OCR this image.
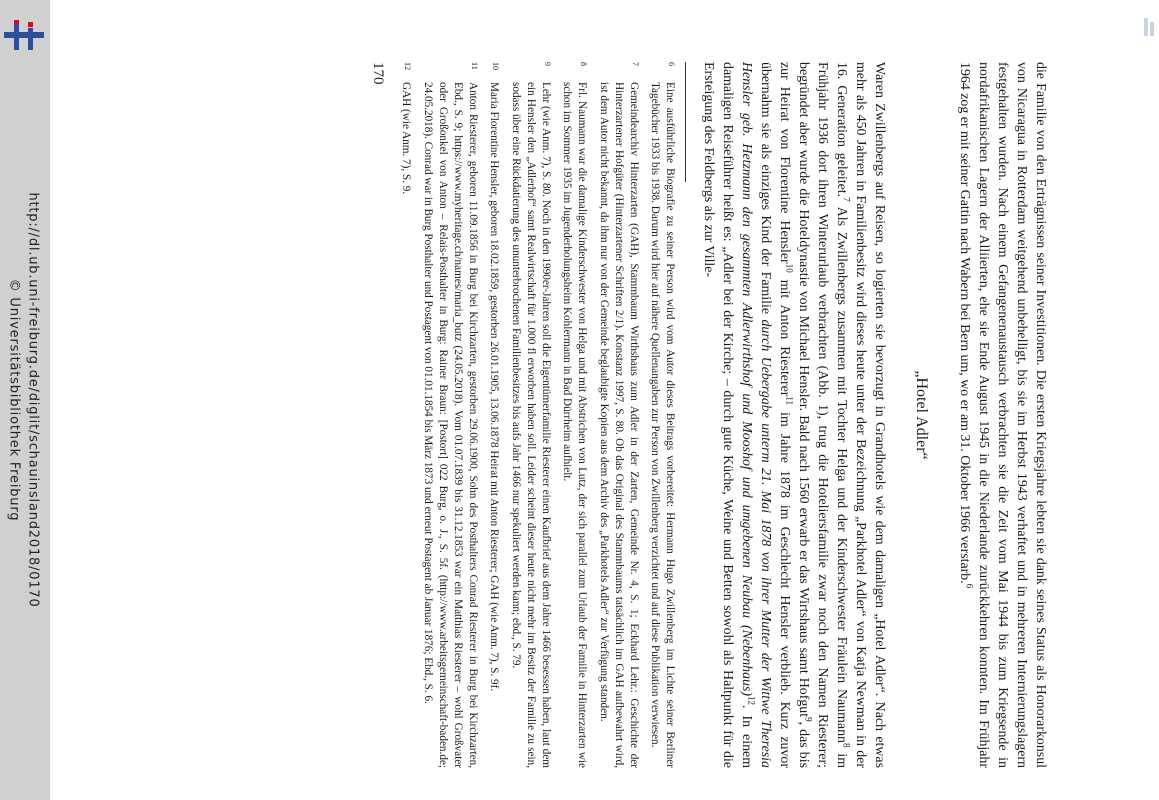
http://dl.ub.uni-freiburg.de/diglit/schauinsland2018/0170
© Universitätsbibliothek Freiburg	die Familie von den Erträgnissen seiner Investitionen. Die ersten Kriegsjahre lebten sie dank seines Status als Honorarkonsul von Nicaragua in Rotterdam weitgehend unbehelligt, bis sie im Herbst 1943 verhaftet und in mehreren Internierungslagern festgehalten wurden. Nach einem Gefangenenaustausch verbrachten sie die Zeit vom Mai 1944 bis zum Kriegsende in nordafrikanischen Lagern der Alliierten, ehe sie Ende August 1945 in die Niederlande zurückkehren konnten. Im Frühjahr 1964 zog er mit seiner Gattin nach Wabern bei Bern um, wo er am 31. Oktober 1966 verstarb.$^6$

„Hotel Adler“

Waren Zwillenbergs auf Reisen, so logierten sie bevorzugt in Grandhotels wie dem damaligen „Hotel Adler“. Nach etwas mehr als 450 Jahren in Familienbesitz wird dieses heute unter der Bezeichnung „Parkhotel Adler“ von Katja Newman in der 16. Generation geleitet.$^7$ Als Zwillenbergs zusammen mit Tochter Helga und der Kinderschwester Fräulein Naumann$^8$ im Frühjahr 1936 dort ihren Winterurlaub verbrachten (Abb. 1), trug die Hoteliersfamilie zwar noch den Namen Riesterer; begründet aber wurde die Hoteldynastie von Michael Hensler. Bald nach 1560 erwarb er das Wirtshaus samt Hofgut$^9$, das bis zur Heirat von Florentine Hensler$^{10}$ mit Anton Riesterer$^{11}$ im Jahre 1878 im Geschlecht Hensler verblieb. Kurz zuvor übernahm sie als einziges Kind der Familie durch Uebergabe unterm 21. Mai 1878 von ihrer Mutter der Wittwe Theresia Hensler geb. Hetzmann den gesammten Adlerwirthshof und Mooshof und umgebenen Neubau (Nebenhaus)$^{12}$. In einem damaligen Reiseführer heißt es: „Adler bei der Kirche; – durch gute Küche, Weine und Betten sowohl als Haltpunkt für die Ersteigung des Feldbergs als zur Ville-

6
Eine ausführliche Biografie zu seiner Person wird vom Autor dieses Beitrags vorbereitet: Hermann Hugo Zwillenberg im Lichte seiner Berliner Tagebücher 1933 bis 1938. Darum wird hier auf nähere Quellenangaben zur Person von Zwillenberg verzichtet und auf diese Publikation verwiesen.
7
Gemeindearchiv Hinterzarten (GAH), Stammbaum Wirthshaus zum Adler in der Zarten, Gemeinde Nr. 4, S. 1; Eckhard Lehr.: Geschichte der Hinterzartener Hofgüter (Hinterzartener Schriften 2/1). Konstanz 1997, S. 80. Ob das Original des Stammbaums tatsächlich im GAH aufbewahrt wird, ist dem Autor nicht bekannt, da ihm nur von der Gemeinde beglaubigte Kopien aus dem Archiv des „Parkhotels Adler“ zur Verfügung standen.
8
Frl. Naumann war die damalige Kinderschwester von Helga und mit Abstrichen von Lutz, der sich parallel zum Urlaub der Familie in Hinterzarten wie schon im Sommer 1935 im Jugenderholungsheim Kohlermann in Bad Dürrheim aufhielt.
9
Lehr (wie Anm. 7), S. 80. Noch in den 1990er-Jahren soll die Eigentümerfamilie Riesterer einen Kaufbrief aus dem Jahre 1466 besessen haben, laut dem ein Hensler den „Adlerhof“ samt Realwirtschaft für 1.000 fl erworben haben soll. Leider scheint dieser heute nicht mehr im Besitz der Familie zu sein, sodass über eine Rückdatierung des ununterbrochenen Familienbesitzes bis aufs Jahr 1466 nur spekuliert werden kann; ebd., S. 79.
10
Maria Florentine Hensler, geboren 18.02.1859, gestorben 26.01.1905, 13.06.1878 Heirat mit Anton Riesterer; GAH (wie Anm. 7), S. 9f.
11
Anton Riesterer, geboren 11.09.1856 in Burg bei Kirchzarten, gestorben 29.06.1900, Sohn des Posthalters Conrad Riesterer in Burg bei Kirchzarten, Ebd., S. 9; https://www.myheritage.ch/names/maria_butz (24.05.2018). Vom 01.07.1839 bis 31.12.1853 war ein Matthias Riesterer – wohl Großvater oder Großonkel von Anton – Relais-Posthalter in Burg: Rainer Braun: [Postort] 022 Burg, o. J., S. 5f. (http://www.arbeitsgemeinschaft-baden.de; 24.05.2018). Conrad war in Burg Posthalter und Postagent von 01.01.1854 bis März 1873 und erneut Postagent ab Januar 1876; Ebd., S. 6.
12
GAH (wie Anm. 7), S. 9.
170
